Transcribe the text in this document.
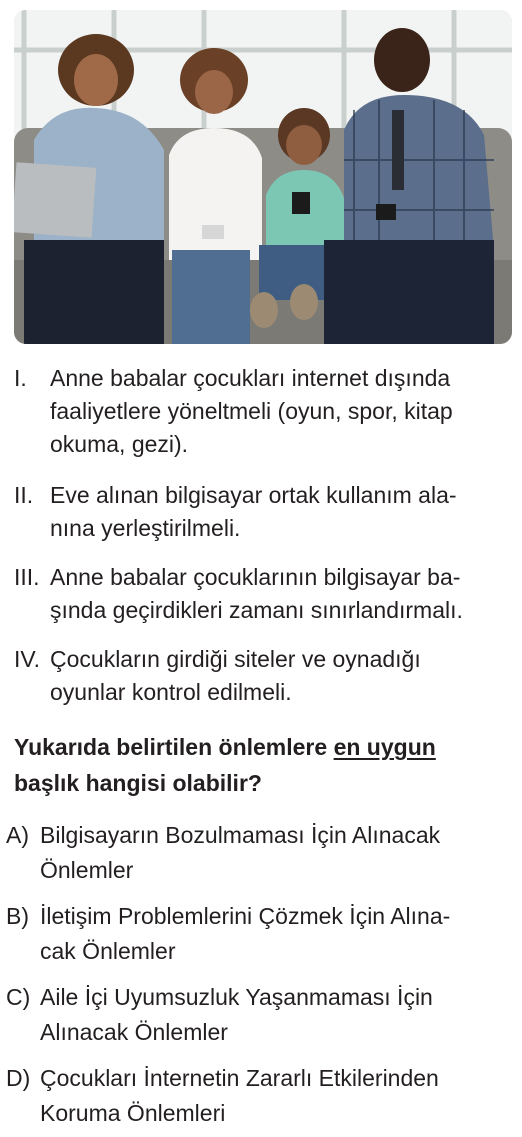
I. Anne babalar çocukları internet dışında
faaliyetlere yöneltmeli (oyun, spor, kitap
okuma, gezi).
II. Eve alınan bilgisayar ortak kullanım ala-
nına yerleştirilmeli.
III. Anne babalar çocuklarının bilgisayar ba-
şında geçirdikleri zamanı sınırlandırmalı.
IV. Çocukların girdiği siteler ve oynadığı
oyunlar kontrol edilmeli.
Yukarıda belirtilen önlemlere en uygun
başlık hangisi olabilir?
A) Bilgisayarın Bozulmaması İçin Alınacak
Önlemler
B) İletişim Problemlerini Çözmek İçin Alına-
cak Önlemler
C) Aile İçi Uyumsuzluk Yaşanmaması İçin
Alınacak Önlemler
D) Çocukları İnternetin Zararlı Etkilerinden
Koruma Önlemleri
